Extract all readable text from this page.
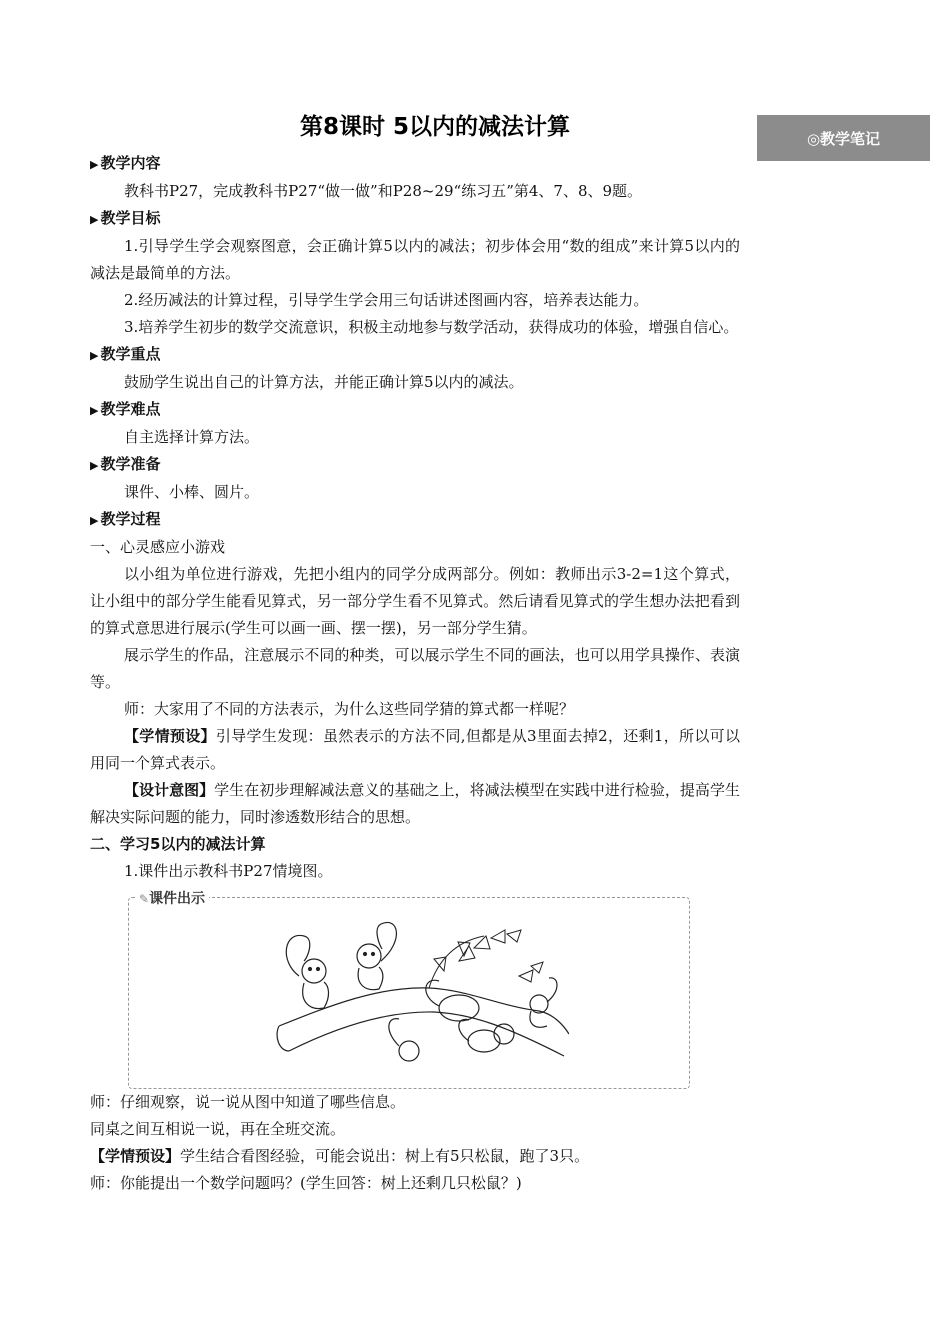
◎教学笔记
第8课时 5以内的减法计算
▶ 教学内容
教科书P27，完成教科书P27“做一做”和P28~29“练习五”第4、7、8、9题。
▶ 教学目标
1.引导学生学会观察图意，会正确计算5以内的减法；初步体会用“数的组成”来计算5以内的减法是最简单的方法。
2.经历减法的计算过程，引导学生学会用三句话讲述图画内容，培养表达能力。
3.培养学生初步的数学交流意识，积极主动地参与数学活动，获得成功的体验，增强自信心。
▶ 教学重点
鼓励学生说出自己的计算方法，并能正确计算5以内的减法。
▶ 教学难点
自主选择计算方法。
▶ 教学准备
课件、小棒、圆片。
▶ 教学过程
一、心灵感应小游戏
以小组为单位进行游戏，先把小组内的同学分成两部分。例如：教师出示3-2=1这个算式，让小组中的部分学生能看见算式，另一部分学生看不见算式。然后请看见算式的学生想办法把看到的算式意思进行展示(学生可以画一画、摆一摆)，另一部分学生猜。
展示学生的作品，注意展示不同的种类，可以展示学生不同的画法，也可以用学具操作、表演等。
师：大家用了不同的方法表示，为什么这些同学猜的算式都一样呢？
【学情预设】引导学生发现：虽然表示的方法不同,但都是从3里面去掉2，还剩1，所以可以用同一个算式表示。
【设计意图】学生在初步理解减法意义的基础之上，将减法模型在实践中进行检验，提高学生解决实际问题的能力，同时渗透数形结合的思想。
二、学习5以内的减法计算
1.课件出示教科书P27情境图。
✎课件出示
师：仔细观察，说一说从图中知道了哪些信息。
同桌之间互相说一说，再在全班交流。
【学情预设】学生结合看图经验，可能会说出：树上有5只松鼠，跑了3只。
师：你能提出一个数学问题吗？(学生回答：树上还剩几只松鼠？)
